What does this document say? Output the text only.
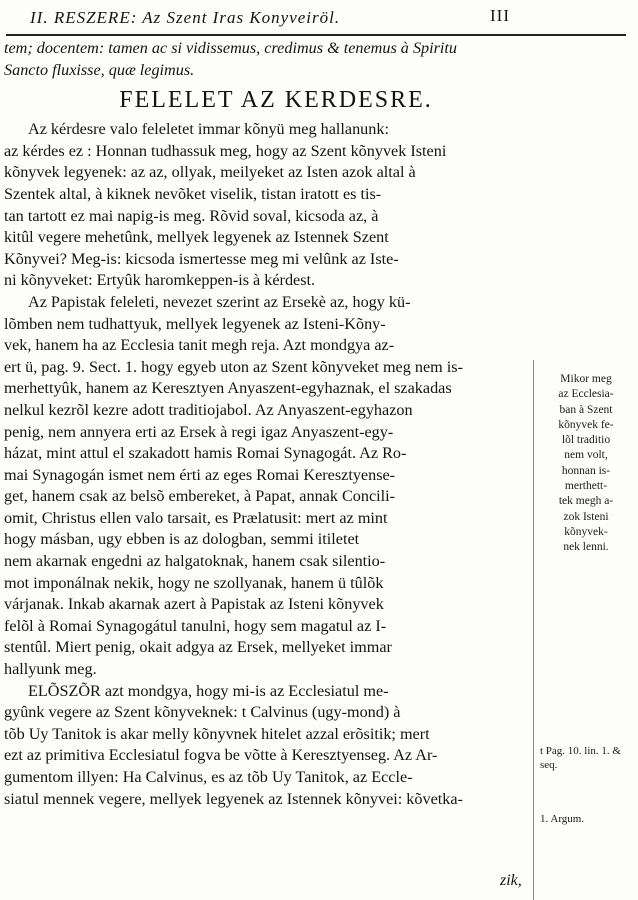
II. RESZERE: Az Szent Iras Konyveiröl.	III
tem; docentem: tamen ac si vidissemus, credimus & tenemus à Spiritu
Sancto fluxisse, quæ legimus.
FELELET AZ KERDESRE.
Az kérdesre valo feleletet immar kõnyü meg hallanunk:
az kérdes ez : Honnan tudhassuk meg, hogy az Szent kõnyvek Isteni
kõnyvek legyenek: az az, ollyak, meilyeket az Isten azok altal à
Szentek altal, à kiknek nevõket viselik, tistan iratott es tis-
tan tartott ez mai napig-is meg. Rõvid soval, kicsoda az, à
kitûl vegere mehetûnk, mellyek legyenek az Istennek Szent
Kõnyvei? Meg-is: kicsoda ismertesse meg mi velûnk az Iste-
ni kõnyveket: Ertyûk haromkeppen-is à kérdest.
Az Papistak feleleti, nevezet szerint az Ersekè az, hogy kü-
lõmben nem tudhattyuk, mellyek legyenek az Isteni-Kõny-
vek, hanem ha az Ecclesia tanit megh reja. Azt mondgya az-
ert ü, pag. 9. Sect. 1. hogy egyeb uton az Szent kõnyveket meg nem is-
merhettyûk, hanem az Keresztyen Anyaszent-egyhaznak, el szakadas
nelkul kezrõl kezre adott traditiojabol. Az Anyaszent-egyhazon
penig, nem annyera erti az Ersek à regi igaz Anyaszent-egy-
házat, mint attul el szakadott hamis Romai Synagogát. Az Ro-
mai Synagogán ismet nem érti az eges Romai Keresztyense-
get, hanem csak az belsõ embereket, à Papat, annak Concili-
omit, Christus ellen valo tarsait, es Prælatusit: mert az mint
hogy másban, ugy ebben is az dologban, semmi itiletet
nem akarnak engedni az halgatoknak, hanem csak silentio-
mot imponálnak nekik, hogy ne szollyanak, hanem ü tûlõk
várjanak. Inkab akarnak azert à Papistak az Isteni kõnyvek
felõl à Romai Synagogátul tanulni, hogy sem magatul az I-
stentûl. Miert penig, okait adgya az Ersek, mellyeket immar
hallyunk meg.
ELÕSZÕR azt mondgya, hogy mi-is az Ecclesiatul me-
gyûnk vegere az Szent kõnyveknek: t Calvinus (ugy-mond) à
tõb Uy Tanitok is akar melly kõnyvnek hitelet azzal erõsitik; mert
ezt az primitiva Ecclesiatul fogva be võtte à Keresztyenseg. Az Ar-
gumentom illyen: Ha Calvinus, es az tõb Uy Tanitok, az Eccle-
siatul mennek vegere, mellyek legyenek az Istennek kõnyvei: kõvetka-
Mikor meg
az Ecclesia-
ban à Szent
kõnyvek fe-
lõl traditio
nem volt,
honnan is-
merthett-
tek megh a-
zok Isteni
kõnyvek-
nek lenni.
t Pag. 10. lin. 1. & seq.
1. Argum.
zik,
